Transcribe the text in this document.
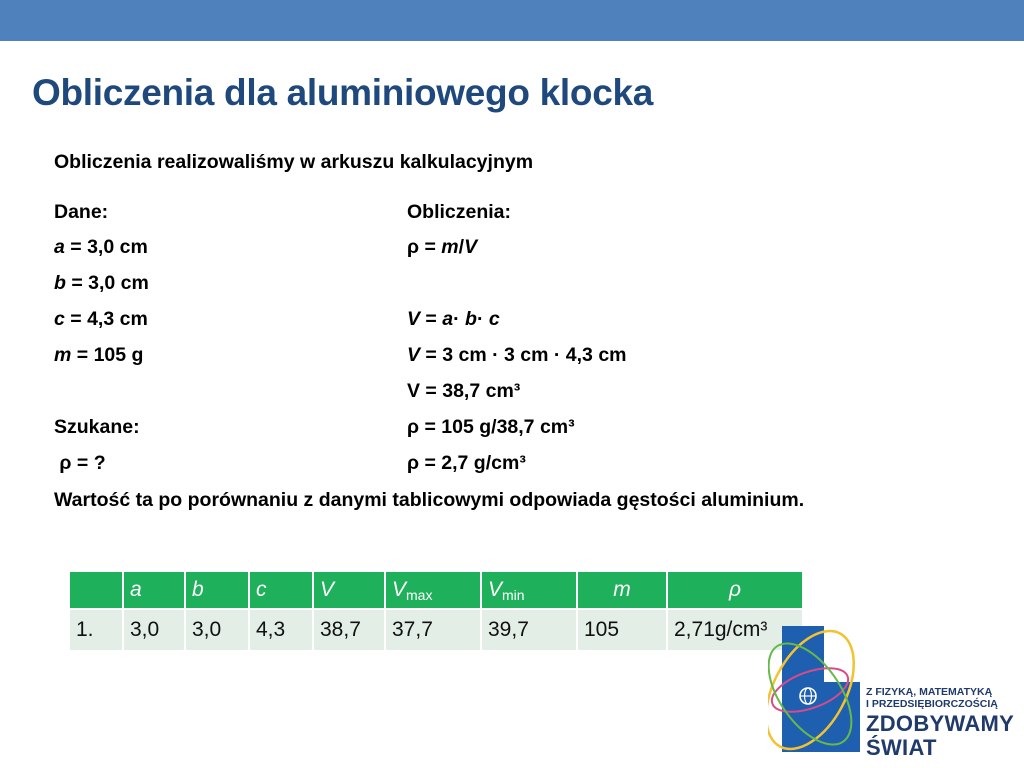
Obliczenia dla aluminiowego klocka
Obliczenia realizowaliśmy w arkuszu kalkulacyjnym
Dane:
a = 3,0 cm
b = 3,0 cm
c = 4,3 cm
m = 105 g
Szukane:
ρ = ?
Obliczenia:
ρ = m/V
V = a· b· c
V = 3 cm · 3 cm · 4,3 cm
V = 38,7 cm³
ρ = 105 g/38,7 cm³
ρ = 2,7 g/cm³
Wartość ta po porównaniu z danymi tablicowymi odpowiada gęstości aluminium.
	a	b	c	V	$V_{max}$	$V_{min}$	m	ρ
1.	3,0	3,0	4,3	38,7	37,7	39,7	105	2,71g/cm³
Z FIZYKĄ, MATEMATYKĄ
I PRZEDSIĘBIORCZOŚCIĄ
ZDOBYWAMY
ŚWIAT
